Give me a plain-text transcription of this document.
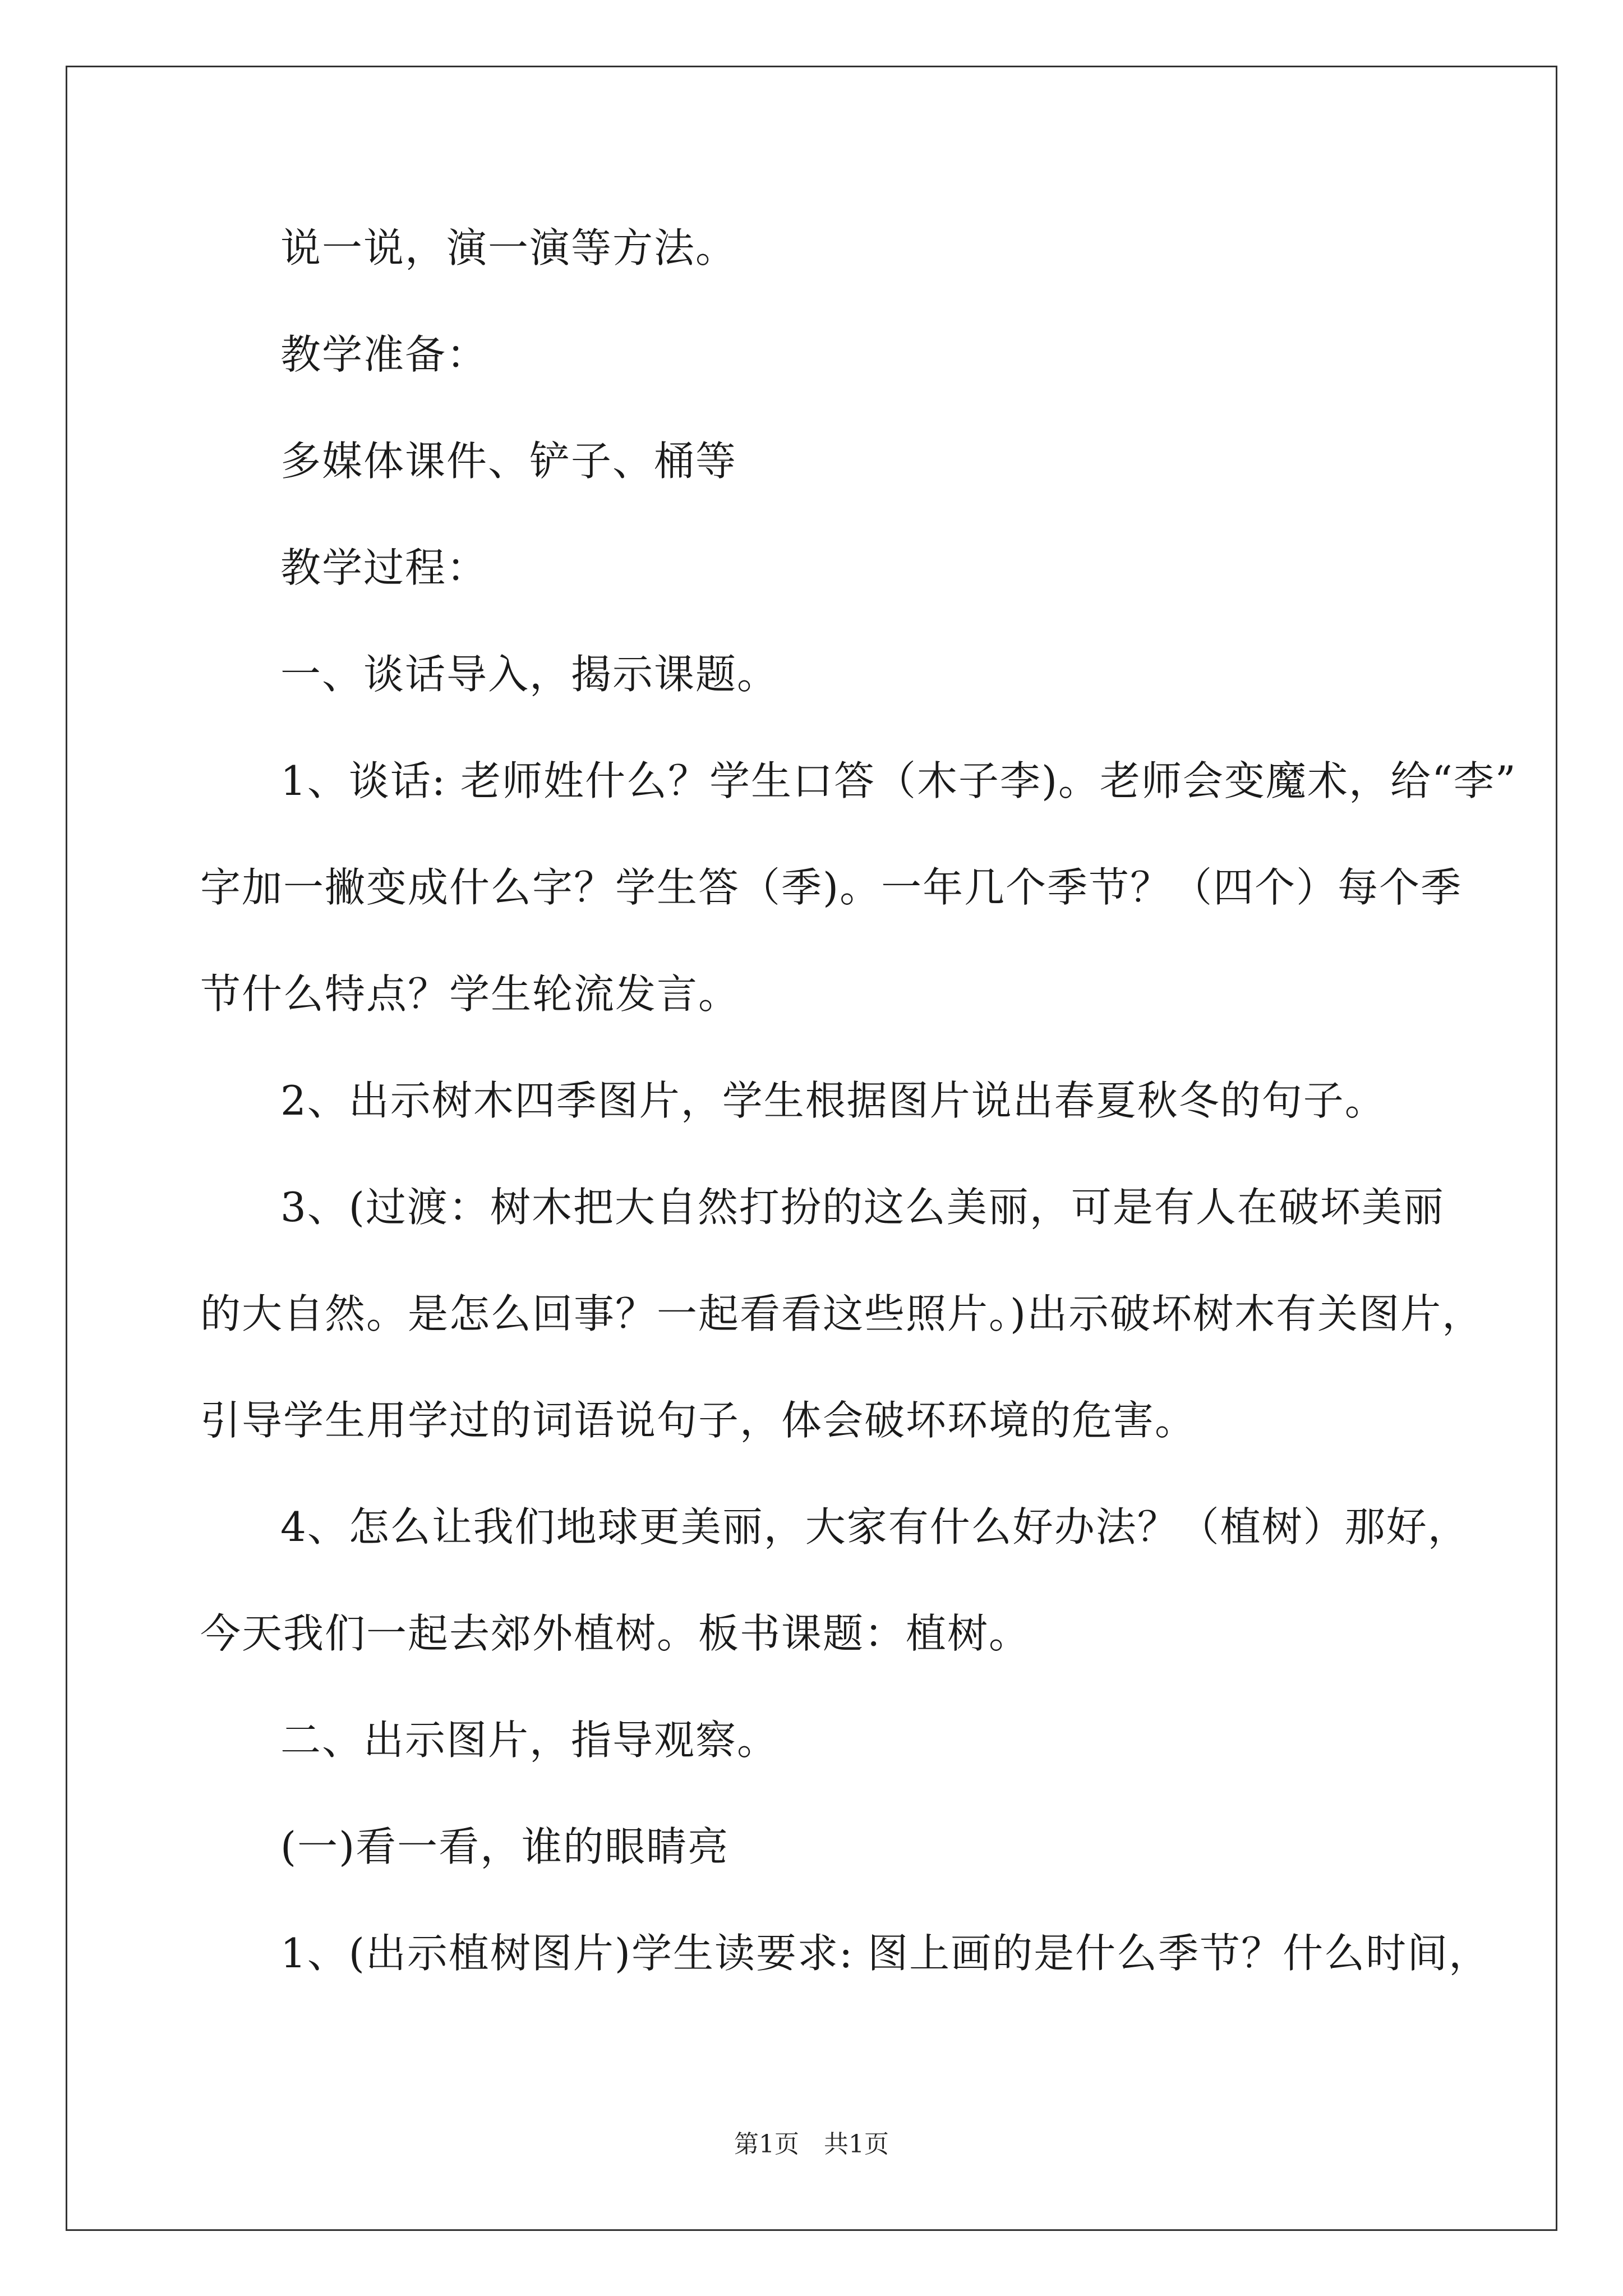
说一说，演一演等方法。
教学准备：
多媒体课件、铲子、桶等
教学过程：
一、谈话导入，揭示课题。
1、谈话: 老师姓什么？学生口答（木子李)。老师会变魔术，给“李”
字加一撇变成什么字？学生答（季)。一年几个季节？（四个）每个季
节什么特点？学生轮流发言。
2、出示树木四季图片，学生根据图片说出春夏秋冬的句子。
3、(过渡：树木把大自然打扮的这么美丽，可是有人在破坏美丽
的大自然。是怎么回事？一起看看这些照片。)出示破坏树木有关图片，
引导学生用学过的词语说句子，体会破坏环境的危害。
4、怎么让我们地球更美丽，大家有什么好办法？（植树）那好，
今天我们一起去郊外植树。板书课题：植树。
二、出示图片，指导观察。
(一)看一看，谁的眼睛亮
1、(出示植树图片)学生读要求: 图上画的是什么季节？什么时间，
第1页　共1页
